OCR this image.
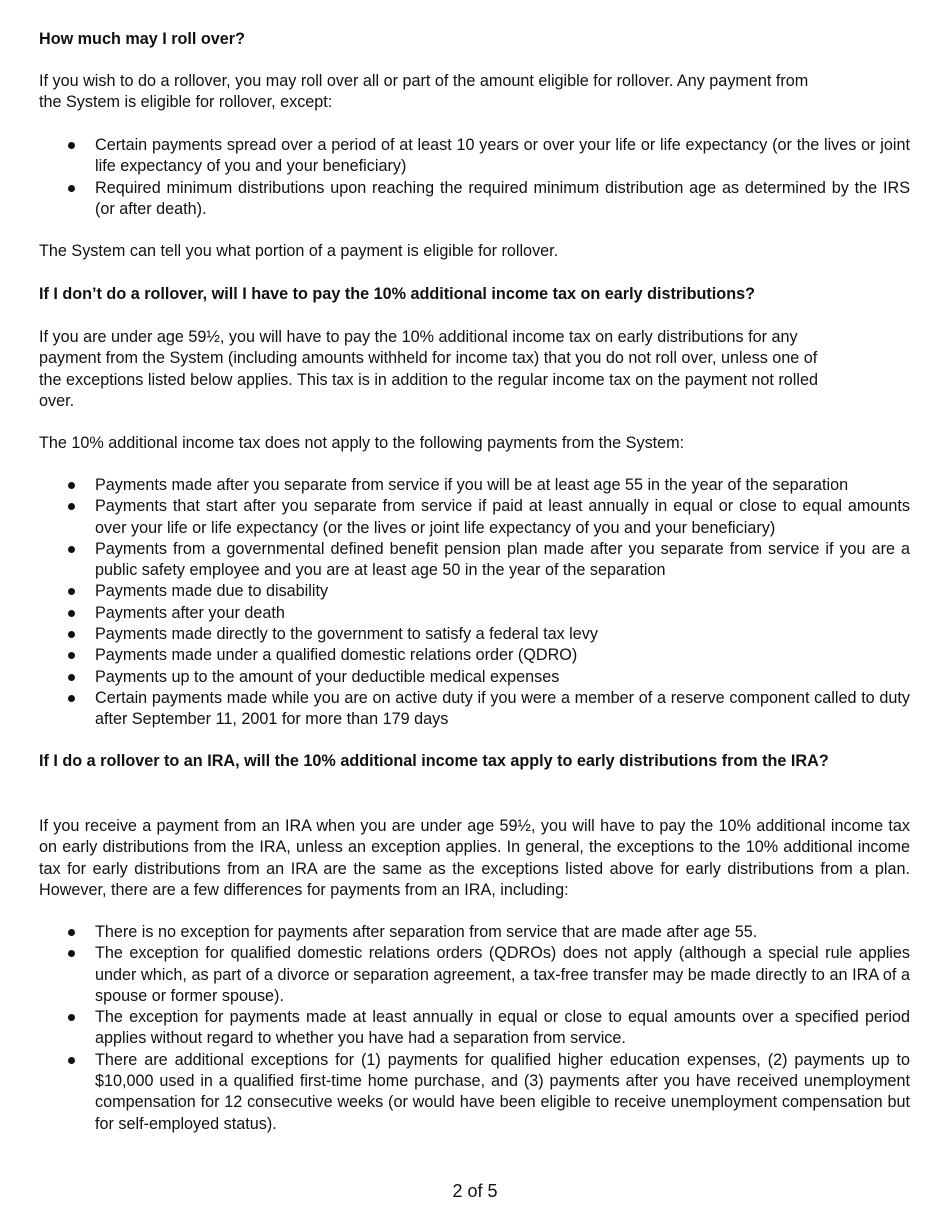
How much may I roll over?

If you wish to do a rollover, you may roll over all or part of the amount eligible for rollover. Any payment from the System is eligible for rollover, except:

Certain payments spread over a period of at least 10 years or over your life or life expectancy (or the lives or joint life expectancy of you and your beneficiary)
Required minimum distributions upon reaching the required minimum distribution age as determined by the IRS (or after death).

The System can tell you what portion of a payment is eligible for rollover.

If I don’t do a rollover, will I have to pay the 10% additional income tax on early distributions?

If you are under age 59½, you will have to pay the 10% additional income tax on early distributions for any payment from the System (including amounts withheld for income tax) that you do not roll over, unless one of the exceptions listed below applies. This tax is in addition to the regular income tax on the payment not rolled over.

The 10% additional income tax does not apply to the following payments from the System:

Payments made after you separate from service if you will be at least age 55 in the year of the separation
Payments that start after you separate from service if paid at least annually in equal or close to equal amounts over your life or life expectancy (or the lives or joint life expectancy of you and your beneficiary)
Payments from a governmental defined benefit pension plan made after you separate from service if you are a public safety employee and you are at least age 50 in the year of the separation
Payments made due to disability
Payments after your death
Payments made directly to the government to satisfy a federal tax levy
Payments made under a qualified domestic relations order (QDRO)
Payments up to the amount of your deductible medical expenses
Certain payments made while you are on active duty if you were a member of a reserve component called to duty after September 11, 2001 for more than 179 days
If I do a rollover to an IRA, will the 10% additional income tax apply to early distributions from the IRA?

If you receive a payment from an IRA when you are under age 59½, you will have to pay the 10% additional income tax on early distributions from the IRA, unless an exception applies. In general, the exceptions to the 10% additional income tax for early distributions from an IRA are the same as the exceptions listed above for early distributions from a plan. However, there are a few differences for payments from an IRA, including:

There is no exception for payments after separation from service that are made after age 55.
The exception for qualified domestic relations orders (QDROs) does not apply (although a special rule applies under which, as part of a divorce or separation agreement, a tax-free transfer may be made directly to an IRA of a spouse or former spouse).
The exception for payments made at least annually in equal or close to equal amounts over a specified period applies without regard to whether you have had a separation from service.
There are additional exceptions for (1) payments for qualified higher education expenses, (2) payments up to $10,000 used in a qualified first-time home purchase, and (3) payments after you have received unemployment compensation for 12 consecutive weeks (or would have been eligible to receive unemployment compensation but for self-employed status).
2 of 5
